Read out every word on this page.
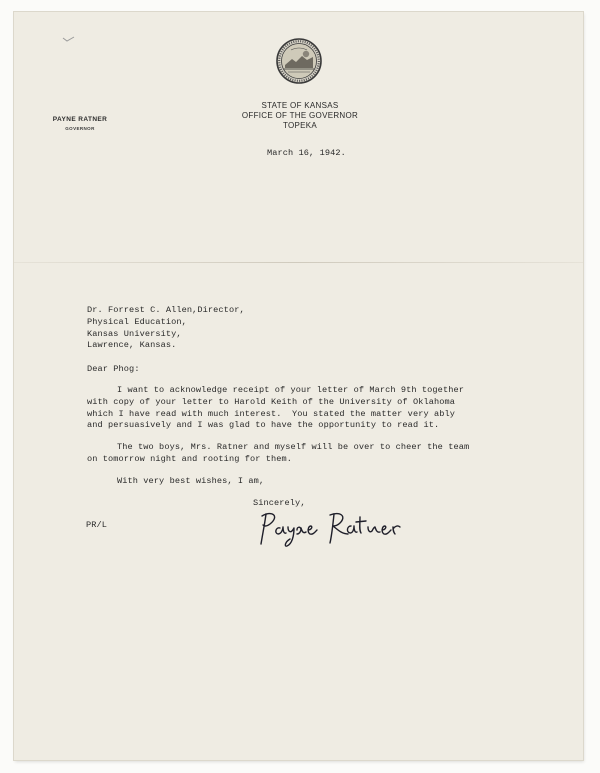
STATE OF KANSAS
OFFICE OF THE GOVERNOR
TOPEKA
PAYNE RATNER
GOVERNOR
March 16, 1942.
Dr. Forrest C. Allen,Director,
Physical Education,
Kansas University,
Lawrence, Kansas.
Dear Phog:
I want to acknowledge receipt of your letter of March 9th together
with copy of your letter to Harold Keith of the University of Oklahoma
which I have read with much interest.  You stated the matter very ably
and persuasively and I was glad to have the opportunity to read it.
The two boys, Mrs. Ratner and myself will be over to cheer the team
on tomorrow night and rooting for them.
With very best wishes, I am,
Sincerely,
PR/L
